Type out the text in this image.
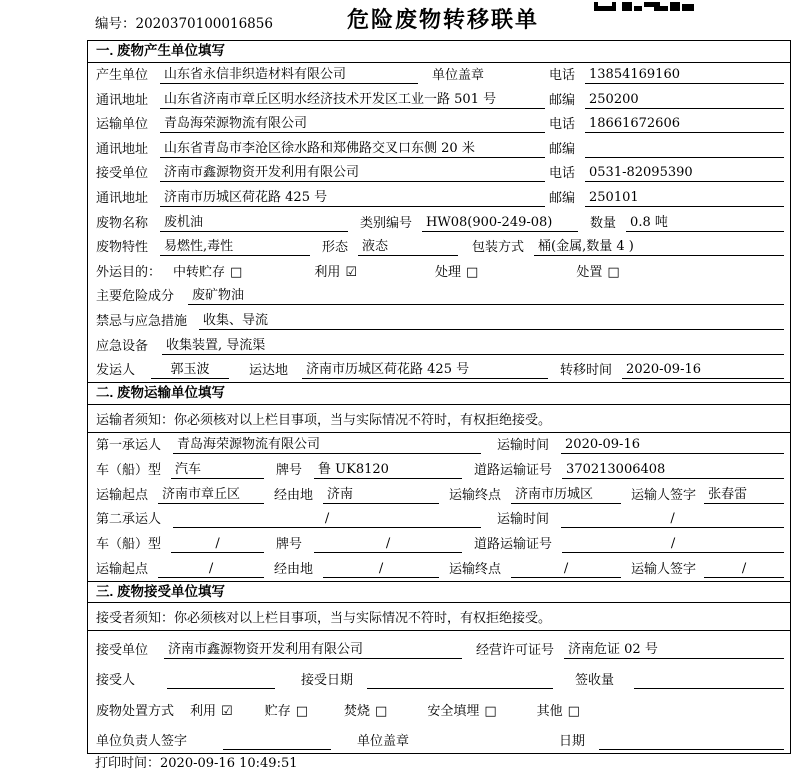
编号：2020370100016856	危险废物转移联单
一. 废物产生单位填写
产生单位	山东省永信非织造材料有限公司	单位盖章	电话	13854169160
通讯地址	山东省济南市章丘区明水经济技术开发区工业一路 501 号	邮编	250200
运输单位	青岛海荣源物流有限公司	电话	18661672606
通讯地址	山东省青岛市李沧区徐水路和郑佛路交叉口东侧 20 米	邮编
接受单位	济南市鑫源物资开发利用有限公司	电话	0531-82095390
通讯地址	济南市历城区荷花路 425 号	邮编	250101
废物名称	废机油	类别编号	HW08(900-249-08)	数量	0.8 吨
废物特性	易燃性,毒性	形态	液态	包装方式	桶(金属,数量 4 )
外运目的： 中转贮存 □	利用 ☑	处理 □	处置 □
主要危险成分	废矿物油
禁忌与应急措施	收集、导流
应急设备	收集装置, 导流渠
发运人	郭玉波	运达地	济南市历城区荷花路 425 号	转移时间	2020-09-16
二. 废物运输单位填写
运输者须知：你必须核对以上栏目事项，当与实际情况不符时，有权拒绝接受。
第一承运人	青岛海荣源物流有限公司	运输时间	2020-09-16
车（船）型	汽车	牌号	鲁 UK8120	道路运输证号	370213006408
运输起点	济南市章丘区	经由地	济南	运输终点	济南市历城区	运输人签字 张春雷
第二承运人	/	运输时间	/
车（船）型	/	牌号	/	道路运输证号	/
运输起点	/	经由地	/	运输终点	/	运输人签字	/
三. 废物接受单位填写
接受者须知：你必须核对以上栏目事项，当与实际情况不符时，有权拒绝接受。
接受单位	济南市鑫源物资开发利用有限公司	经营许可证号	济南危证 02 号
接受人	接受日期	签收量
废物处置方式 利用 ☑ 贮存 □	焚烧 □	安全填埋 □	其他 □
单位负责人签字	单位盖章	日期
打印时间：2020-09-16 10:49:51
